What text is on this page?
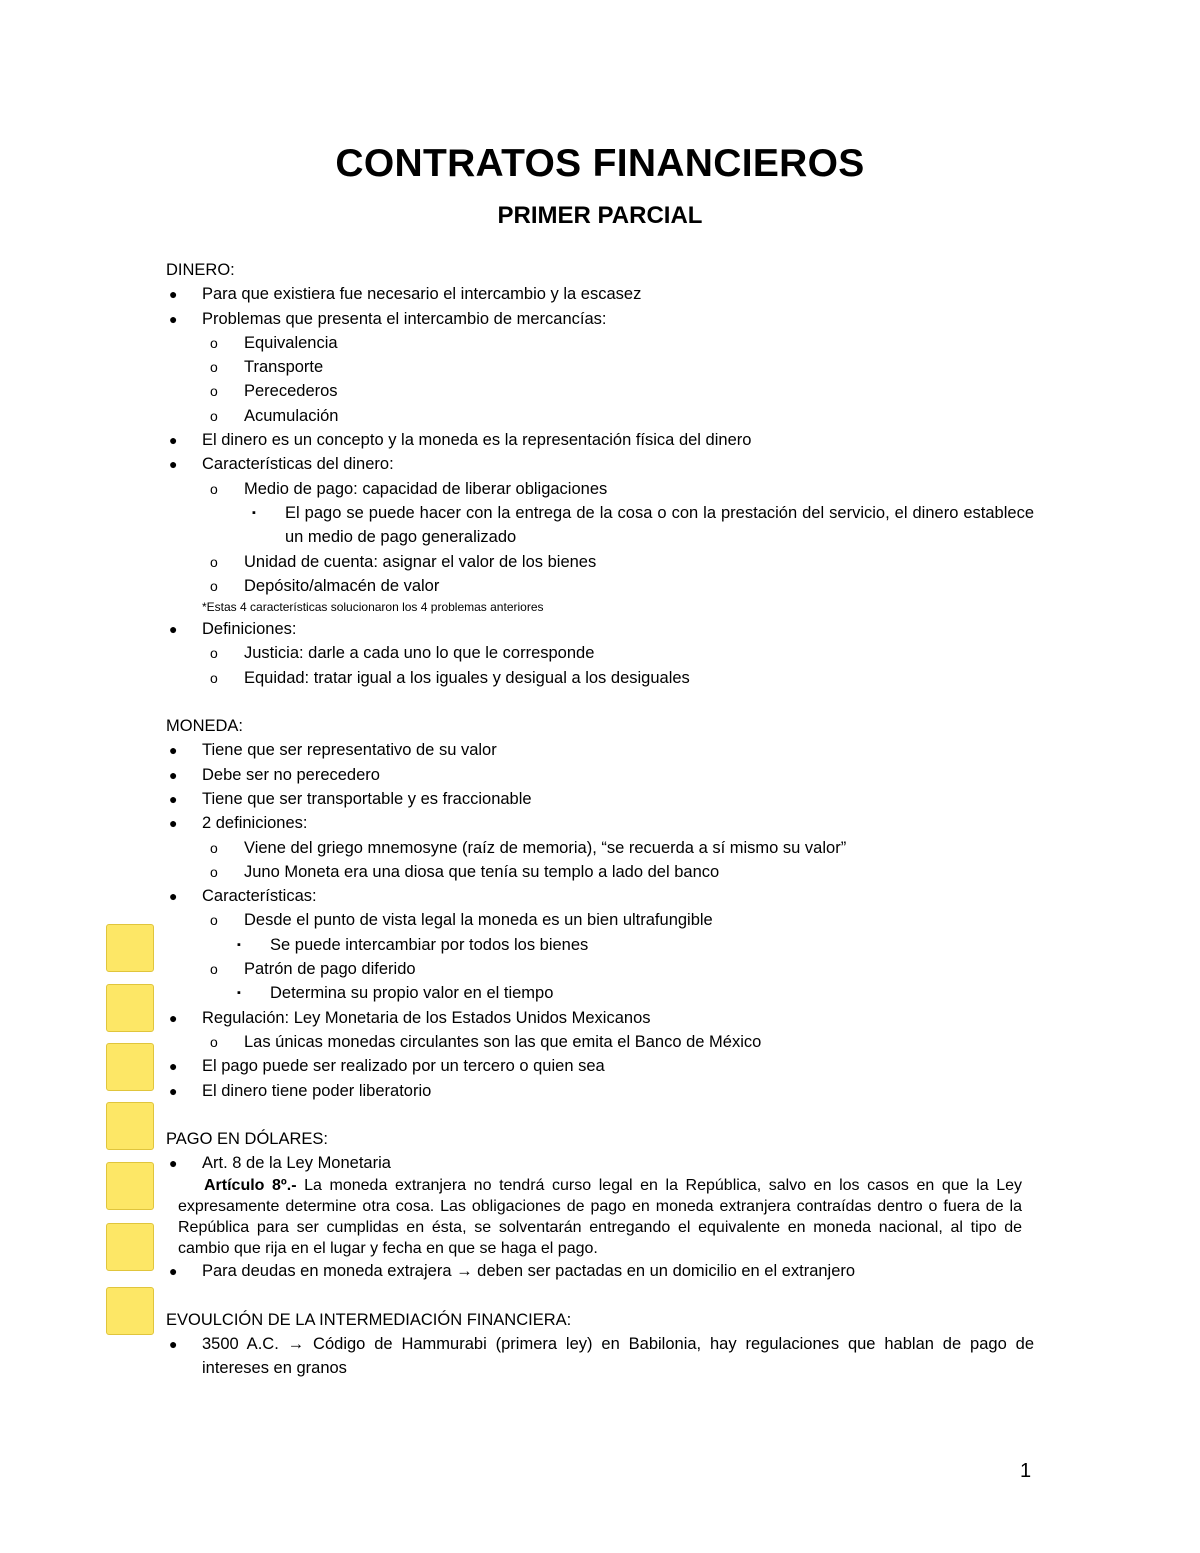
CONTRATOS FINANCIEROS
PRIMER PARCIAL
DINERO:
● Para que existiera fue necesario el intercambio y la escasez
● Problemas que presenta el intercambio de mercancías:
o Equivalencia
o Transporte
o Perecederos
o Acumulación
● El dinero es un concepto y la moneda es la representación física del dinero
● Características del dinero:
o Medio de pago: capacidad de liberar obligaciones
▪ El pago se puede hacer con la entrega de la cosa o con la prestación del servicio, el dinero establece un medio de pago generalizado
o Unidad de cuenta: asignar el valor de los bienes
o Depósito/almacén de valor
*Estas 4 características solucionaron los 4 problemas anteriores
● Definiciones:
o Justicia: darle a cada uno lo que le corresponde
o Equidad: tratar igual a los iguales y desigual a los desiguales
MONEDA:
● Tiene que ser representativo de su valor
● Debe ser no perecedero
● Tiene que ser transportable y es fraccionable
● 2 definiciones:
o Viene del griego mnemosyne (raíz de memoria), “se recuerda a sí mismo su valor”
o Juno Moneta era una diosa que tenía su templo a lado del banco
● Características:
o Desde el punto de vista legal la moneda es un bien ultrafungible
▪ Se puede intercambiar por todos los bienes
o Patrón de pago diferido
▪ Determina su propio valor en el tiempo
● Regulación: Ley Monetaria de los Estados Unidos Mexicanos
o Las únicas monedas circulantes son las que emita el Banco de México
● El pago puede ser realizado por un tercero o quien sea
● El dinero tiene poder liberatorio
PAGO EN DÓLARES:
● Art. 8 de la Ley Monetaria

Artículo 8º.- La moneda extranjera no tendrá curso legal en la República, salvo en los casos en que la Ley expresamente determine otra cosa. Las obligaciones de pago en moneda extranjera contraídas dentro o fuera de la República para ser cumplidas en ésta, se solventarán entregando el equivalente en moneda nacional, al tipo de cambio que rija en el lugar y fecha en que se haga el pago.

● Para deudas en moneda extrajera → deben ser pactadas en un domicilio en el extranjero
EVOULCIÓN DE LA INTERMEDIACIÓN FINANCIERA:
● 3500 A.C. → Código de Hammurabi (primera ley) en Babilonia, hay regulaciones que hablan de pago de intereses en granos
1
